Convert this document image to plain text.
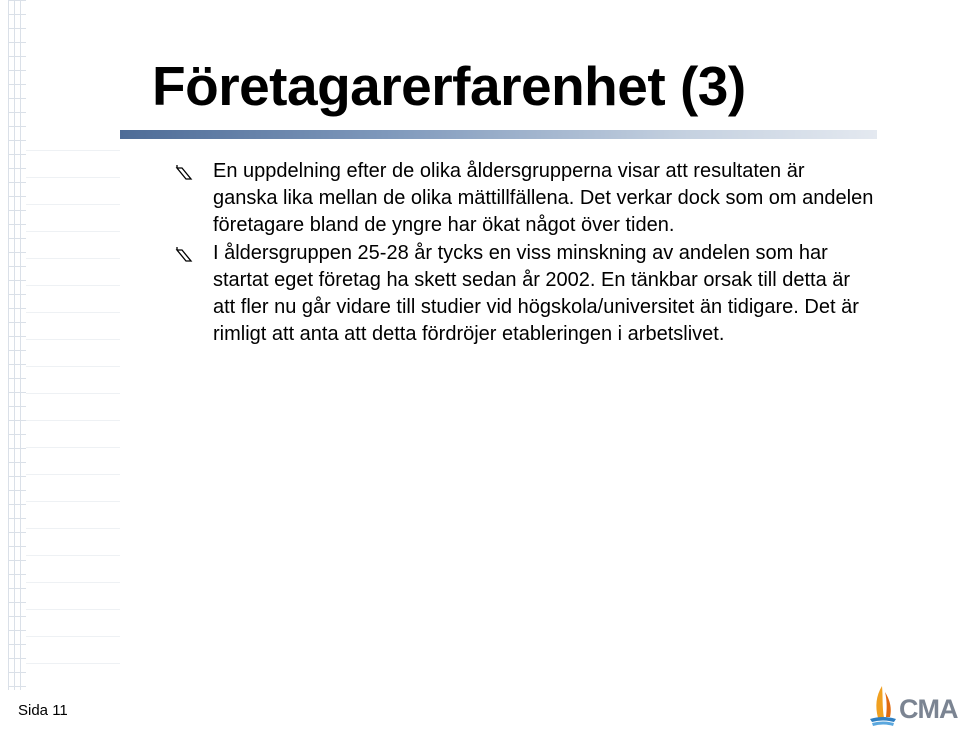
Företagarerfarenhet (3)
En uppdelning efter de olika åldersgrupperna visar att resultaten är ganska lika mellan de olika mättillfällena. Det verkar dock som om andelen företagare bland de yngre har ökat något över tiden.
I åldersgruppen 25-28 år tycks en viss minskning av andelen som har startat eget företag ha skett sedan år 2002. En tänkbar orsak till detta är att fler nu går vidare till studier vid högskola/universitet än tidigare. Det är rimligt att anta att detta fördröjer etableringen i arbetslivet.
Sida 11	CMA
